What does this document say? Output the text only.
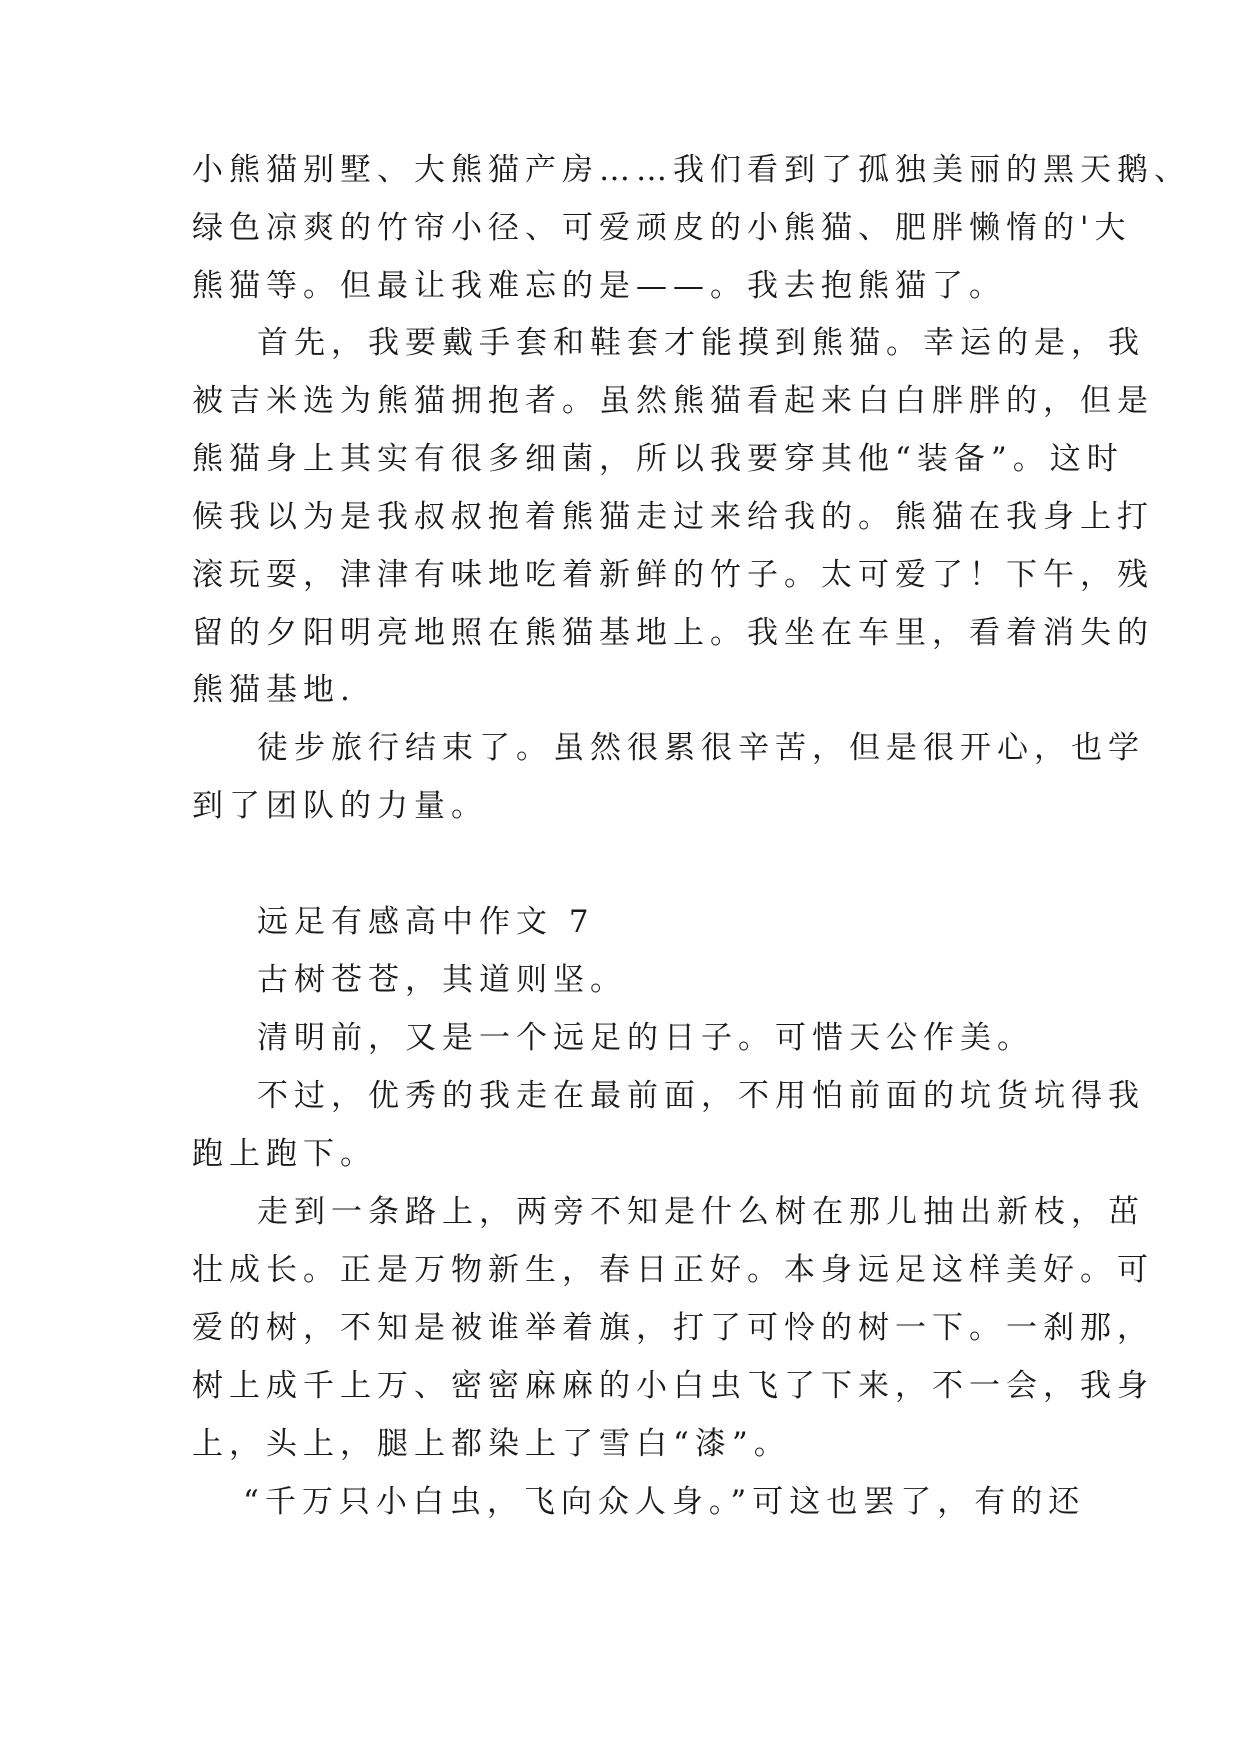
小熊猫别墅、大熊猫产房……我们看到了孤独美丽的黑天鹅、
绿色凉爽的竹帘小径、可爱顽皮的小熊猫、肥胖懒惰的'大
熊猫等。但最让我难忘的是——。我去抱熊猫了。
首先，我要戴手套和鞋套才能摸到熊猫。幸运的是，我
被吉米选为熊猫拥抱者。虽然熊猫看起来白白胖胖的，但是
熊猫身上其实有很多细菌，所以我要穿其他“装备”。这时
候我以为是我叔叔抱着熊猫走过来给我的。熊猫在我身上打
滚玩耍，津津有味地吃着新鲜的竹子。太可爱了！下午，残
留的夕阳明亮地照在熊猫基地上。我坐在车里，看着消失的
熊猫基地.
徒步旅行结束了。虽然很累很辛苦，但是很开心，也学
到了团队的力量。
远足有感高中作文 7
古树苍苍，其道则坚。
清明前，又是一个远足的日子。可惜天公作美。
不过，优秀的我走在最前面，不用怕前面的坑货坑得我
跑上跑下。
走到一条路上，两旁不知是什么树在那儿抽出新枝，茁
壮成长。正是万物新生，春日正好。本身远足这样美好。可
爱的树，不知是被谁举着旗，打了可怜的树一下。一刹那，
树上成千上万、密密麻麻的小白虫飞了下来，不一会，我身
上，头上，腿上都染上了雪白“漆”。
“千万只小白虫，飞向众人身。”可这也罢了，有的还
